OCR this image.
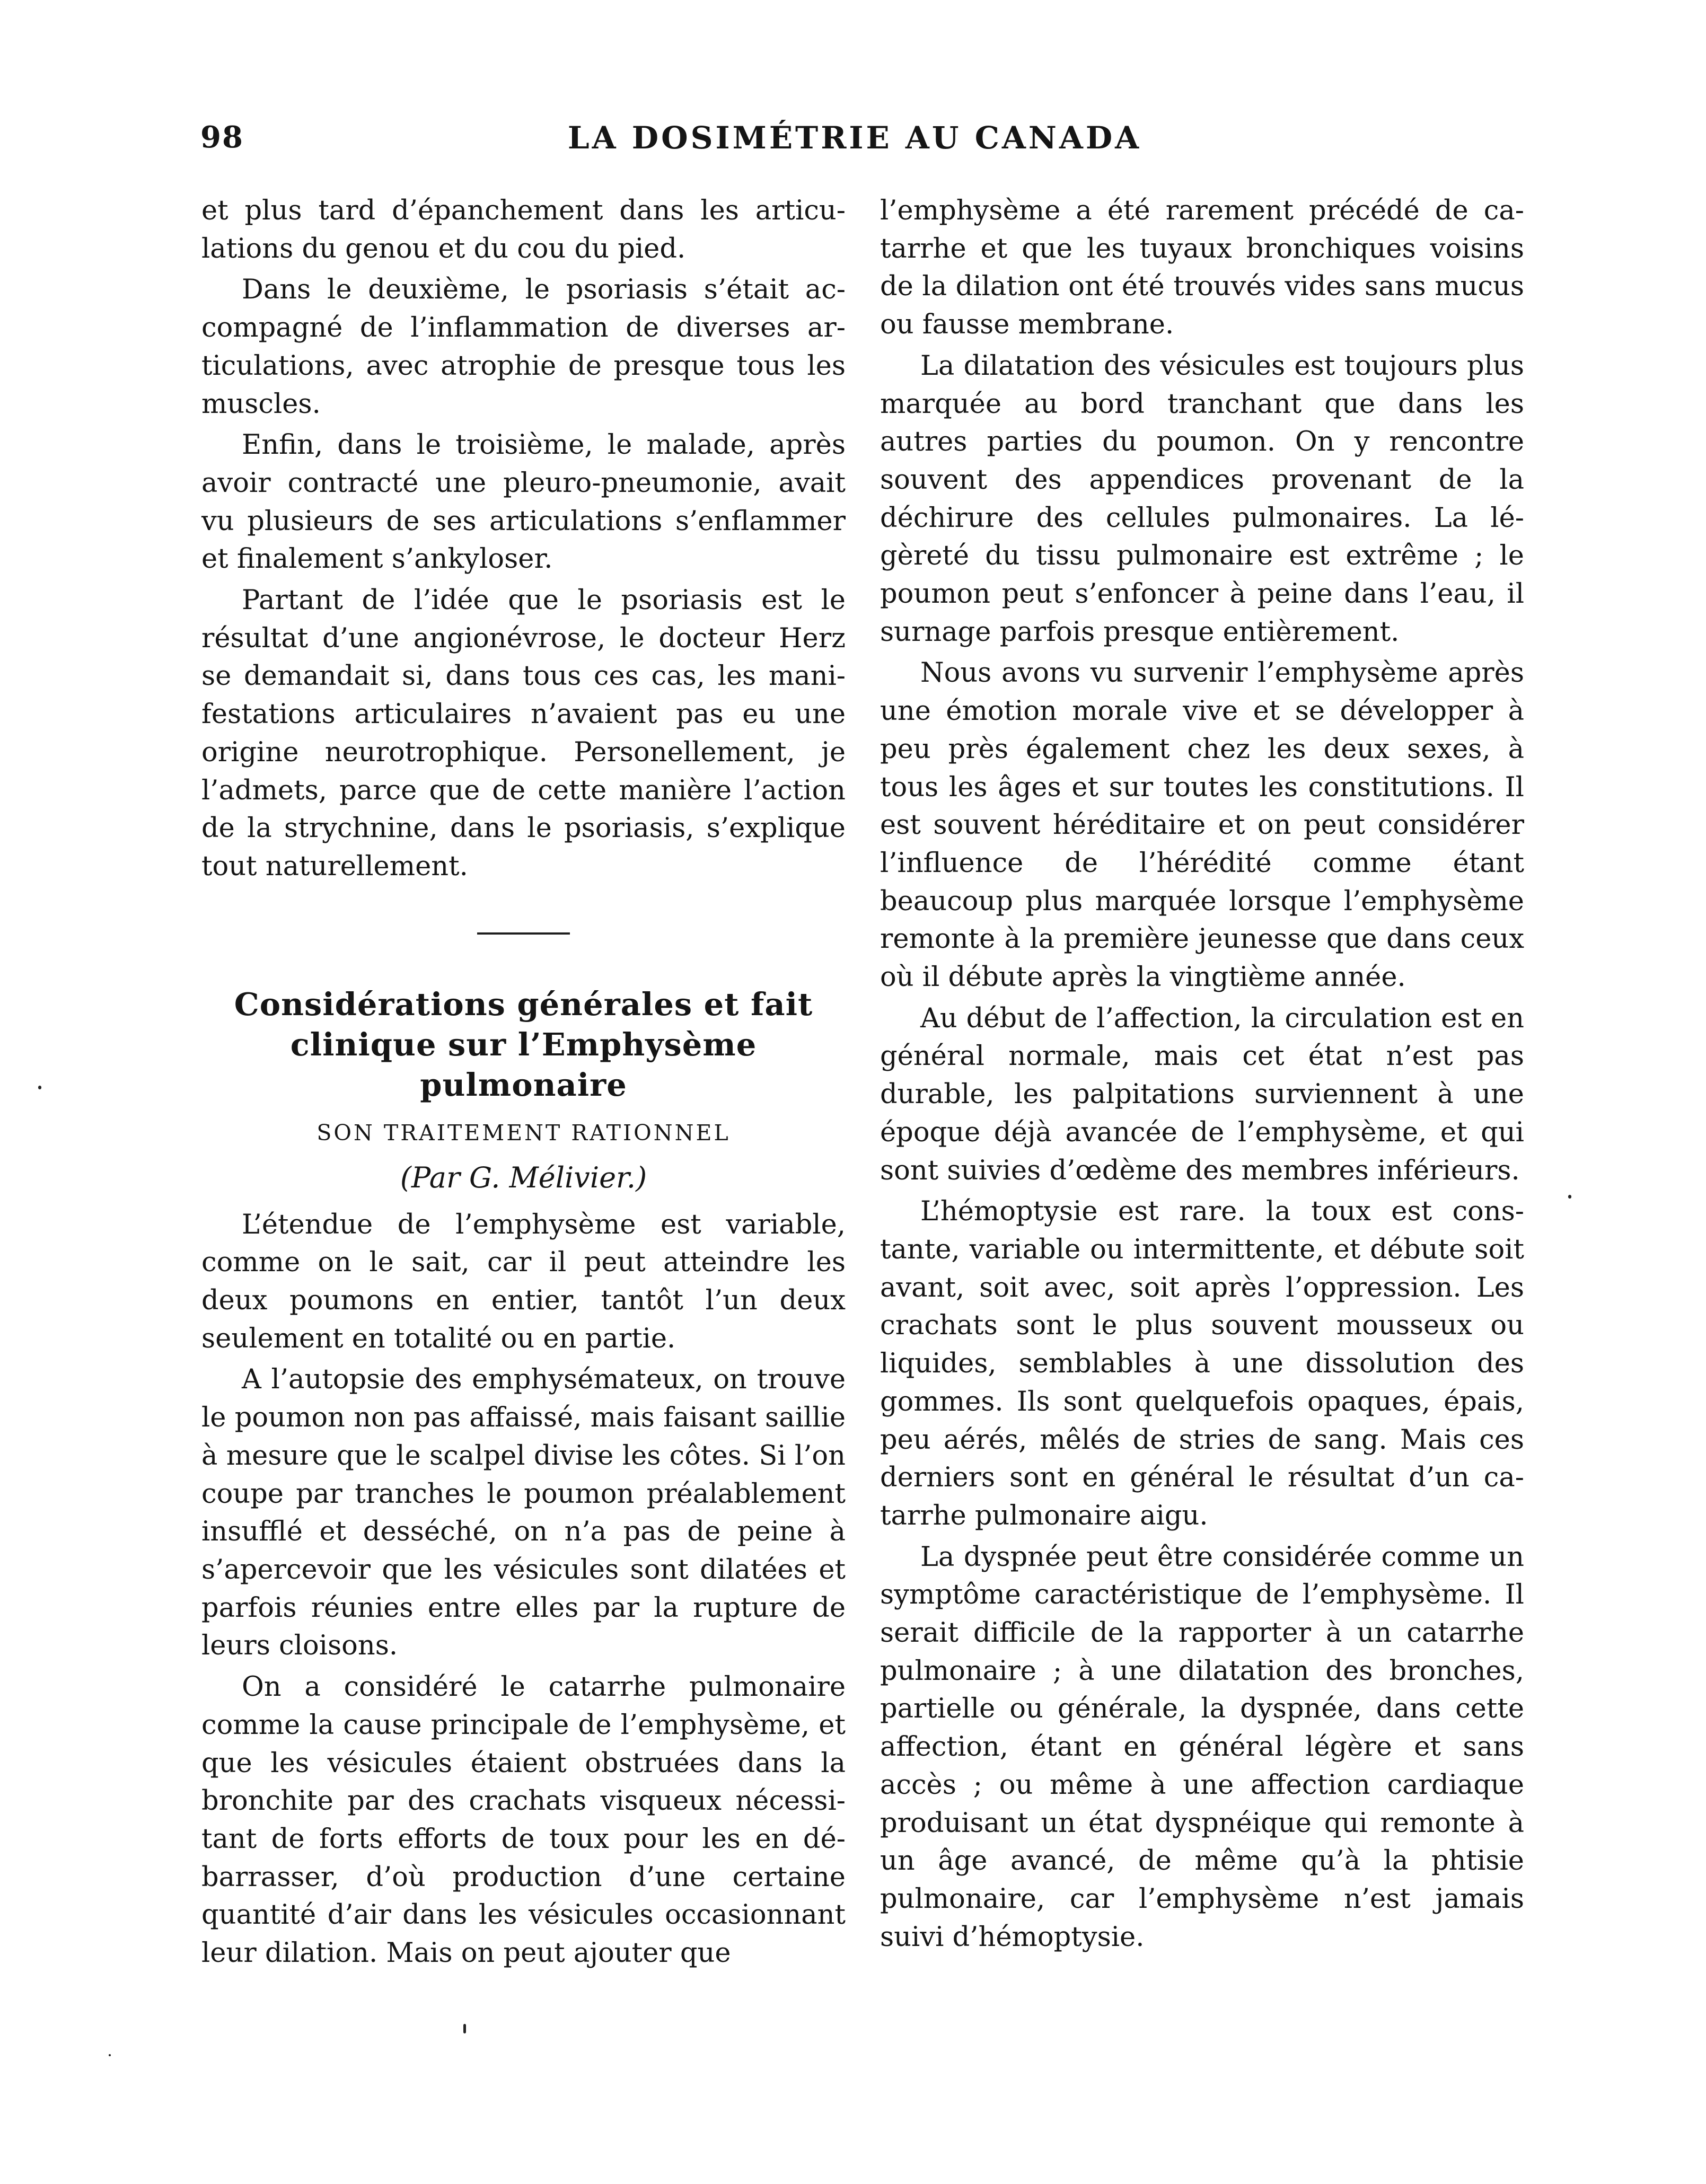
98	LA DOSIMÉTRIE AU CANADA

et plus tard d’épanchement dans les articulations du genou et du cou du pied.

Dans le deuxième, le psoriasis s’était accompagné de l’inflammation de diverses articulations, avec atrophie de presque tous les muscles.

Enfin, dans le troisième, le malade, après avoir contracté une pleuro-pneumonie, avait vu plusieurs de ses articulations s’enflammer et finalement s’ankyloser.

Partant de l’idée que le psoriasis est le résultat d’une angionévrose, le docteur Herz se demandait si, dans tous ces cas, les manifestations articulaires n’avaient pas eu une origine neurotrophique. Personellement, je l’admets, parce que de cette manière l’action de la strychnine, dans le psoriasis, s’explique tout naturellement.

Considérations générales et fait clinique sur l’Emphysème pulmonaire
SON TRAITEMENT RATIONNEL
(Par G. Mélivier.)

L’étendue de l’emphysème est variable, comme on le sait, car il peut atteindre les deux poumons en entier, tantôt l’un deux seulement en totalité ou en partie.

A l’autopsie des emphysémateux, on trouve le poumon non pas affaissé, mais faisant saillie à mesure que le scalpel divise les côtes. Si l’on coupe par tranches le poumon préalablement insufflé et desséché, on n’a pas de peine à s’apercevoir que les vésicules sont dilatées et parfois réunies entre elles par la rupture de leurs cloisons.

On a considéré le catarrhe pulmonaire comme la cause principale de l’emphysème, et que les vésicules étaient obstruées dans la bronchite par des crachats visqueux nécessitant de forts efforts de toux pour les en débarrasser, d’où production d’une certaine quantité d’air dans les vésicules occasionnant leur dilation. Mais on peut ajouter que

l’emphysème a été rarement précédé de catarrhe et que les tuyaux bronchiques voisins de la dilation ont été trouvés vides sans mucus ou fausse membrane.

La dilatation des vésicules est toujours plus marquée au bord tranchant que dans les autres parties du poumon. On y rencontre souvent des appendices provenant de la déchirure des cellules pulmonaires. La légèreté du tissu pulmonaire est extrême ; le poumon peut s’enfoncer à peine dans l’eau, il surnage parfois presque entièrement.

Nous avons vu survenir l’emphysème après une émotion morale vive et se développer à peu près également chez les deux sexes, à tous les âges et sur toutes les constitutions. Il est souvent héréditaire et on peut considérer l’influence de l’hérédité comme étant beaucoup plus marquée lorsque l’emphysème remonte à la première jeunesse que dans ceux où il débute après la vingtième année.

Au début de l’affection, la circulation est en général normale, mais cet état n’est pas durable, les palpitations surviennent à une époque déjà avancée de l’emphysème, et qui sont suivies d’œdème des membres inférieurs.

L’hémoptysie est rare. la toux est constante, variable ou intermittente, et débute soit avant, soit avec, soit après l’oppression. Les crachats sont le plus souvent mousseux ou liquides, semblables à une dissolution des gommes. Ils sont quelquefois opaques, épais, peu aérés, mêlés de stries de sang. Mais ces derniers sont en général le résultat d’un catarrhe pulmonaire aigu.

La dyspnée peut être considérée comme un symptôme caractéristique de l’emphysème. Il serait difficile de la rapporter à un catarrhe pulmonaire ; à une dilatation des bronches, partielle ou générale, la dyspnée, dans cette affection, étant en général légère et sans accès ; ou même à une affection cardiaque produisant un état dyspnéique qui remonte à un âge avancé, de même qu’à la phtisie pulmonaire, car l’emphysème n’est jamais suivi d’hémoptysie.
